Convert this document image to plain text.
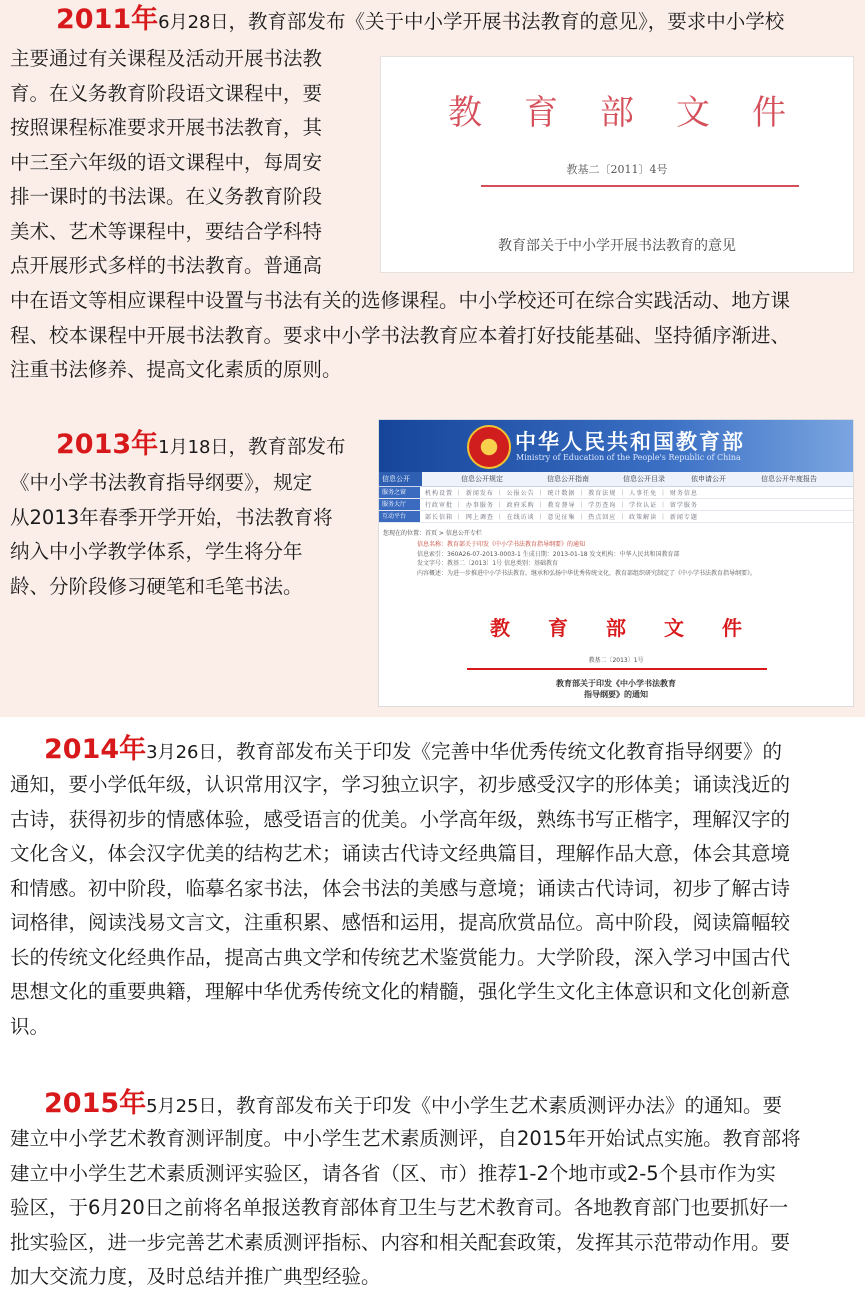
2011年6月28日，教育部发布《关于中小学开展书法教育的意见》，要求中小学校

主要通过有关课程及活动开展书法教
育。在义务教育阶段语文课程中，要
按照课程标准要求开展书法教育，其
中三至六年级的语文课程中，每周安
排一课时的书法课。在义务教育阶段
美术、艺术等课程中，要结合学科特
点开展形式多样的书法教育。普通高
中在语文等相应课程中设置与书法有关的选修课程。中小学校还可在综合实践活动、地方课
程、校本课程中开展书法教育。要求中小学书法教育应本着打好技能基础、坚持循序渐进、
注重书法修养、提高文化素质的原则。
教育部文件
教基二〔2011〕4号
教育部关于中小学开展书法教育的意见

2013年1月18日，教育部发布

《中小学书法教育指导纲要》，规定
从2013年春季开学开始，书法教育将
纳入中小学教学体系，学生将分年
龄、分阶段修习硬笔和毛笔书法。
中华人民共和国教育部
Ministry of Education of the People's Republic of China
信息公开	信息公开规定	信息公开指南	信息公开目录	依申请公开	信息公开年度报告
服务之窗	机构设置 ｜ 新闻发布 ｜ 公报公告 ｜ 统计数据 ｜ 教育法规 ｜ 人事任免 ｜ 财务信息
服务大厅	行政审批 ｜ 办事服务 ｜ 政府采购 ｜ 教育督导 ｜ 学历查询 ｜ 学位认证 ｜ 留学服务
互动平台	部长信箱 ｜ 网上调查 ｜ 在线访谈 ｜ 意见征集 ｜ 热点回应 ｜ 政策解读 ｜ 新闻专题
您现在的位置：首页 > 信息公开专栏
信息名称：教育部关于印发《中小学书法教育指导纲要》的通知
信息索引：360A26-07-2013-0003-1 生成日期：2013-01-18 发文机构：中华人民共和国教育部
发文字号：教基二〔2013〕1号 信息类别：基础教育
内容概述：为进一步推进中小学书法教育，继承和弘扬中华优秀传统文化，教育部组织研究制定了《中小学书法教育指导纲要》。
教育部文件
教基二〔2013〕1号
教育部关于印发《中小学书法教育
指导纲要》的通知

2014年3月26日，教育部发布关于印发《完善中华优秀传统文化教育指导纲要》的

通知，要小学低年级，认识常用汉字，学习独立识字，初步感受汉字的形体美；诵读浅近的
古诗，获得初步的情感体验，感受语言的优美。小学高年级，熟练书写正楷字，理解汉字的
文化含义，体会汉字优美的结构艺术；诵读古代诗文经典篇目，理解作品大意，体会其意境
和情感。初中阶段，临摹名家书法，体会书法的美感与意境；诵读古代诗词，初步了解古诗
词格律，阅读浅易文言文，注重积累、感悟和运用，提高欣赏品位。高中阶段，阅读篇幅较
长的传统文化经典作品，提高古典文学和传统艺术鉴赏能力。大学阶段，深入学习中国古代
思想文化的重要典籍，理解中华优秀传统文化的精髓，强化学生文化主体意识和文化创新意
识。

2015年5月25日，教育部发布关于印发《中小学生艺术素质测评办法》的通知。要

建立中小学艺术教育测评制度。中小学生艺术素质测评，自2015年开始试点实施。教育部将
建立中小学生艺术素质测评实验区，请各省（区、市）推荐1-2个地市或2-5个县市作为实
验区，于6月20日之前将名单报送教育部体育卫生与艺术教育司。各地教育部门也要抓好一
批实验区，进一步完善艺术素质测评指标、内容和相关配套政策，发挥其示范带动作用。要
加大交流力度，及时总结并推广典型经验。
